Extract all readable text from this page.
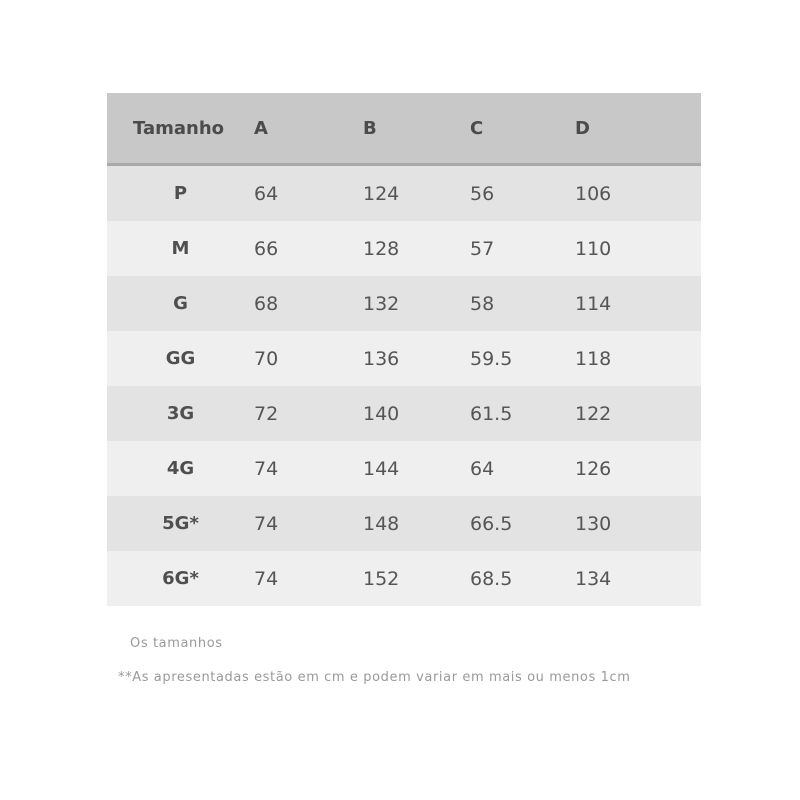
Tamanho	A	B	C	D
P	64	124	56	106
M	66	128	57	110
G	68	132	58	114
GG	70	136	59.5	118
3G	72	140	61.5	122
4G	74	144	64	126
5G*	74	148	66.5	130
6G*	74	152	68.5	134
Os tamanhos
**As apresentadas estão em cm e podem variar em mais ou menos 1cm
